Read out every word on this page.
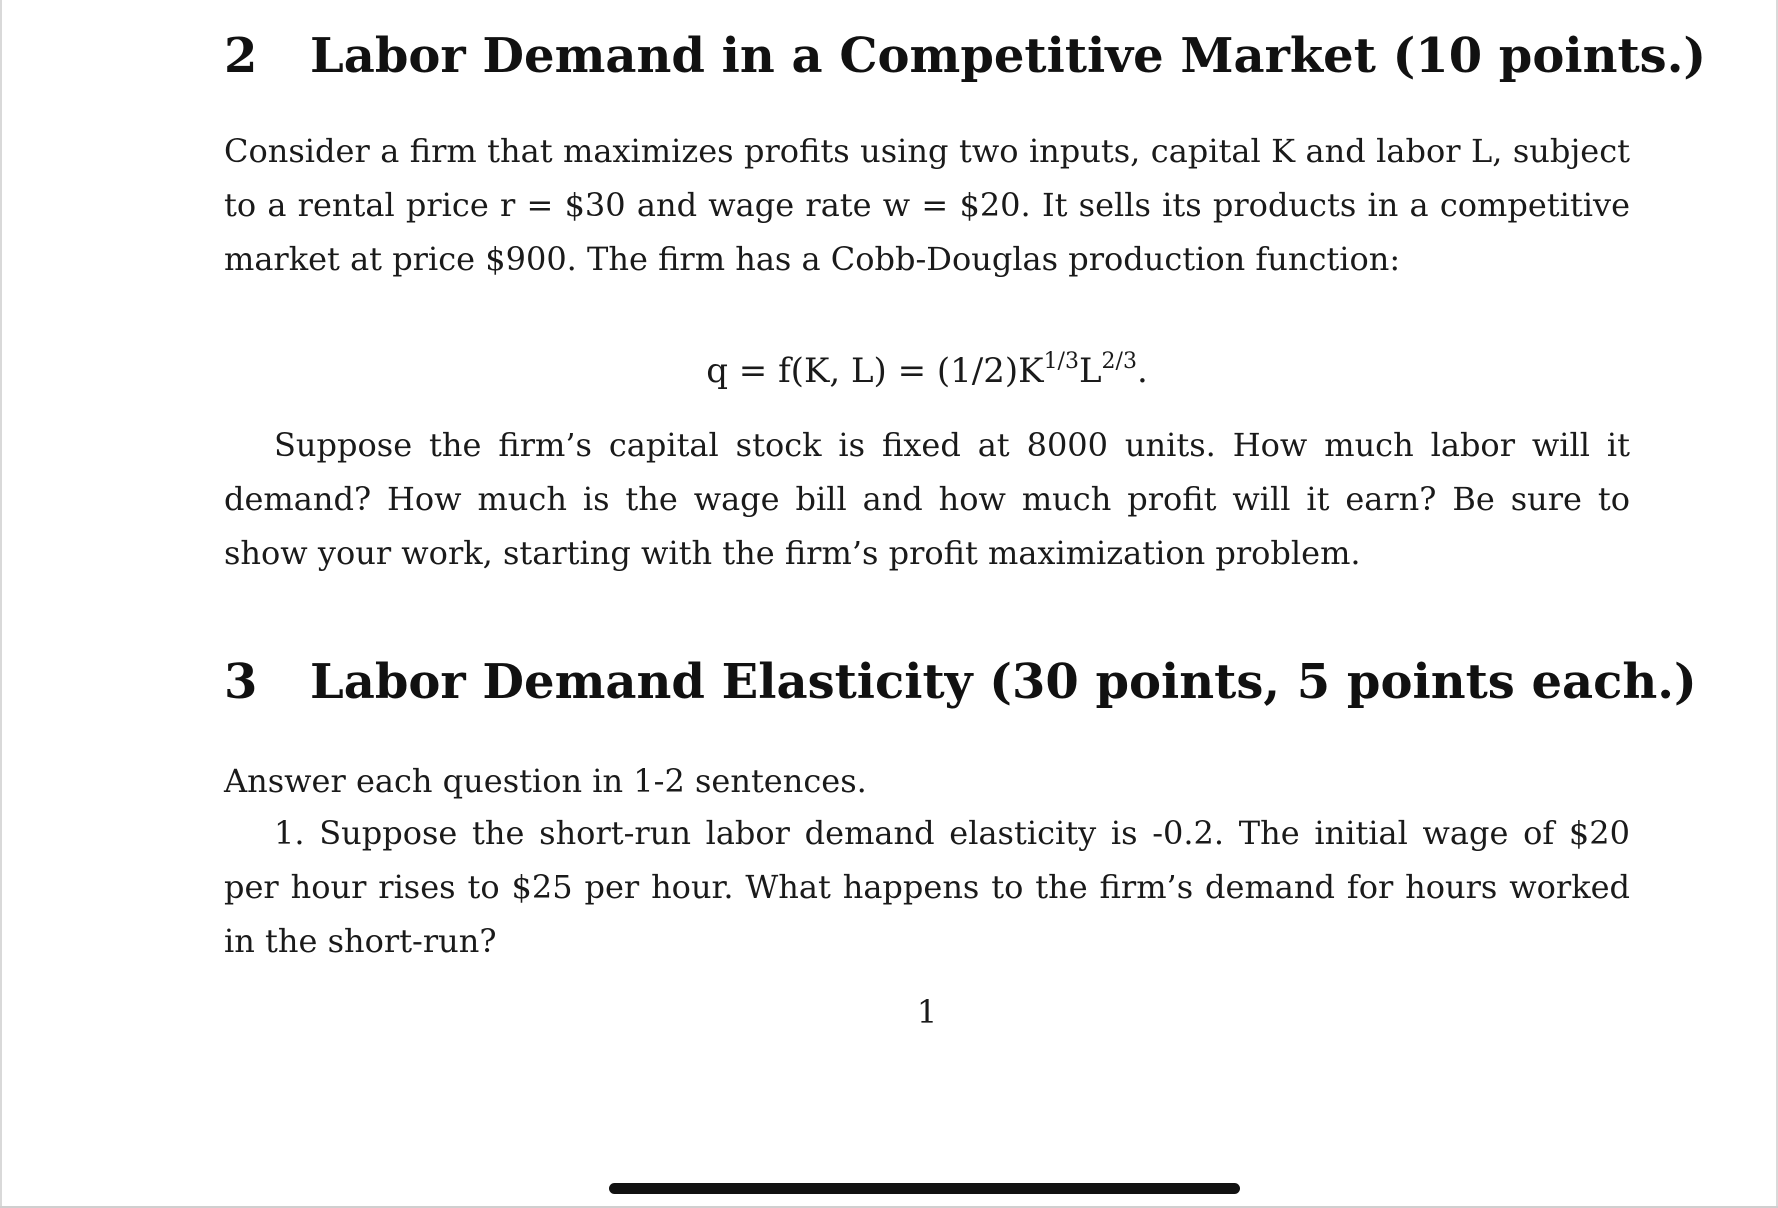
2 Labor Demand in a Competitive Market (10 points.)
Consider a firm that maximizes profits using two inputs, capital K and labor L, subject to a rental price r = $30 and wage rate w = $20. It sells its products in a competitive market at price $900. The firm has a Cobb-Douglas production function:
q = f(K, $L) = (1/2)K^{1/3}L^{2/3}$.
Suppose the firm’s capital stock is fixed at 8000 units. How much labor will it demand? How much is the wage bill and how much profit will it earn? Be sure to show your work, starting with the firm’s profit maximization problem.
3 Labor Demand Elasticity (30 points, 5 points each.)
Answer each question in 1-2 sentences.
1. Suppose the short-run labor demand elasticity is -0.2. The initial wage of $20 per hour rises to $25 per hour. What happens to the firm’s demand for hours worked in the short-run?
1
